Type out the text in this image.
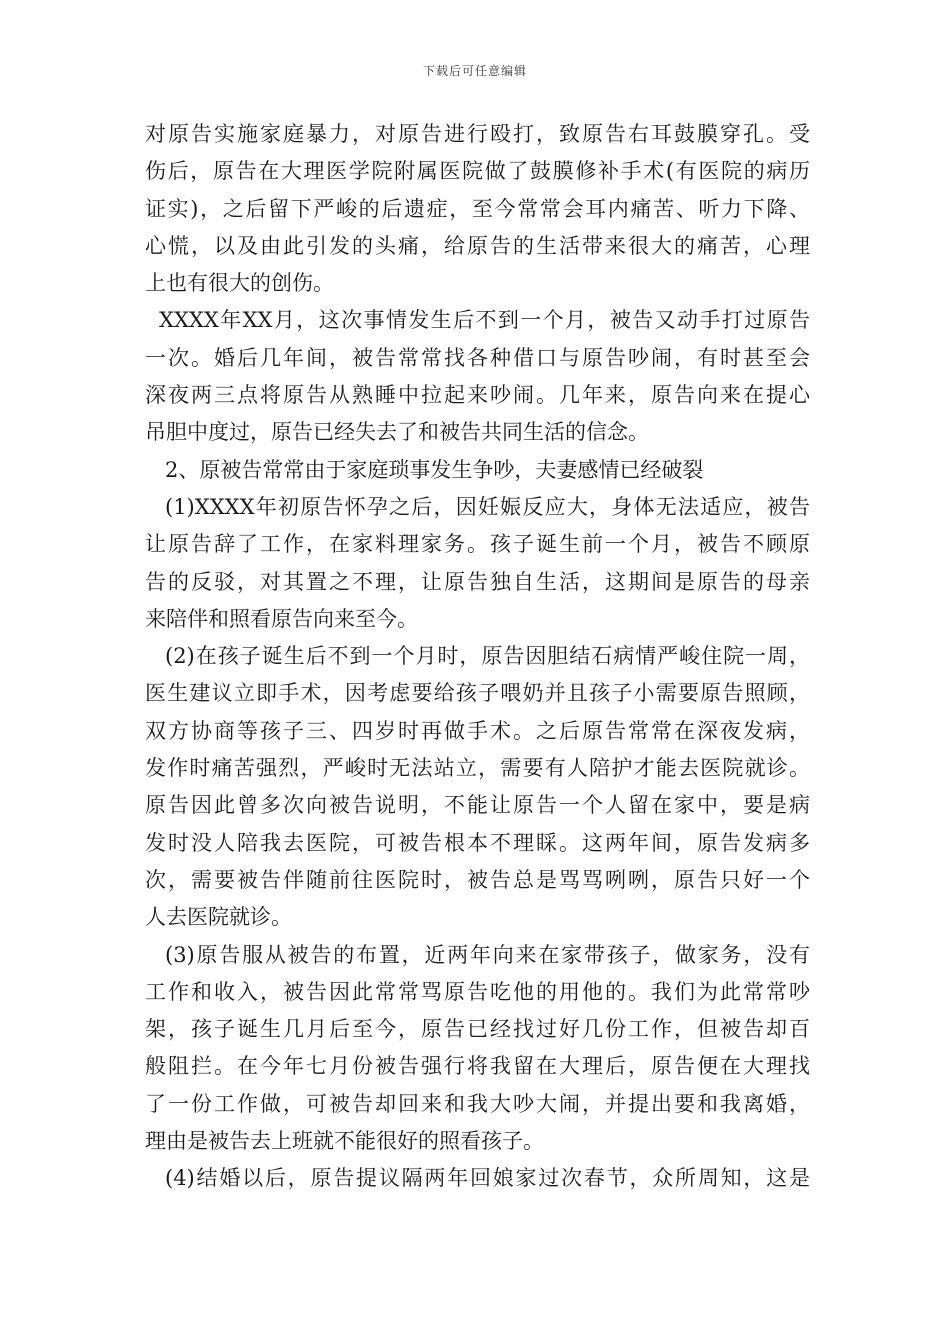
下载后可任意编辑
对原告实施家庭暴力，对原告进行殴打，致原告右耳鼓膜穿孔。受
伤后，原告在大理医学院附属医院做了鼓膜修补手术(有医院的病历
证实)，之后留下严峻的后遗症，至今常常会耳内痛苦、听力下降、
心慌，以及由此引发的头痛，给原告的生活带来很大的痛苦，心理
上也有很大的创伤。
XXXX年XX月，这次事情发生后不到一个月，被告又动手打过原告
一次。婚后几年间，被告常常找各种借口与原告吵闹，有时甚至会
深夜两三点将原告从熟睡中拉起来吵闹。几年来，原告向来在提心
吊胆中度过，原告已经失去了和被告共同生活的信念。
2、原被告常常由于家庭琐事发生争吵，夫妻感情已经破裂
(1)XXXX年初原告怀孕之后，因妊娠反应大，身体无法适应，被告
让原告辞了工作，在家料理家务。孩子诞生前一个月，被告不顾原
告的反驳，对其置之不理，让原告独自生活，这期间是原告的母亲
来陪伴和照看原告向来至今。
(2)在孩子诞生后不到一个月时，原告因胆结石病情严峻住院一周，
医生建议立即手术，因考虑要给孩子喂奶并且孩子小需要原告照顾，
双方协商等孩子三、四岁时再做手术。之后原告常常在深夜发病，
发作时痛苦强烈，严峻时无法站立，需要有人陪护才能去医院就诊。
原告因此曾多次向被告说明，不能让原告一个人留在家中，要是病
发时没人陪我去医院，可被告根本不理睬。这两年间，原告发病多
次，需要被告伴随前往医院时，被告总是骂骂咧咧，原告只好一个
人去医院就诊。
(3)原告服从被告的布置，近两年向来在家带孩子，做家务，没有
工作和收入，被告因此常常骂原告吃他的用他的。我们为此常常吵
架，孩子诞生几月后至今，原告已经找过好几份工作，但被告却百
般阻拦。在今年七月份被告强行将我留在大理后，原告便在大理找
了一份工作做，可被告却回来和我大吵大闹，并提出要和我离婚，
理由是被告去上班就不能很好的照看孩子。
(4)结婚以后，原告提议隔两年回娘家过次春节，众所周知，这是
